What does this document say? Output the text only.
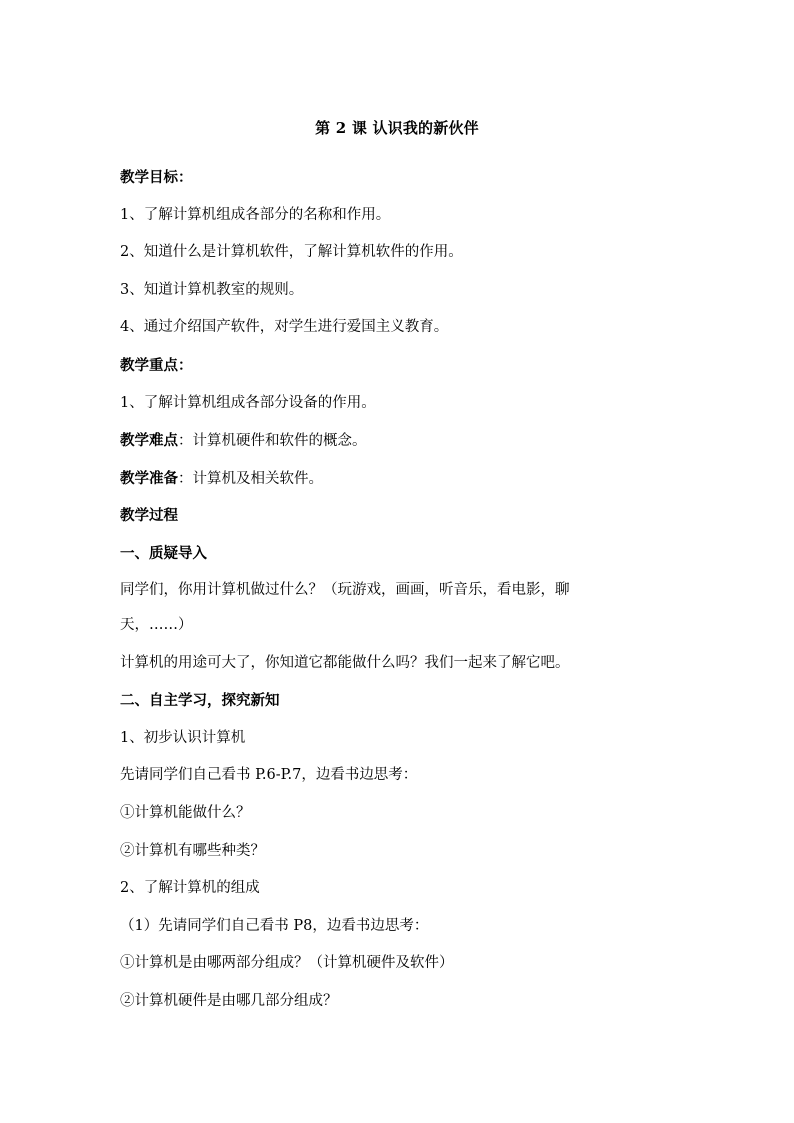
第 2 课 认识我的新伙伴
教学目标：
1、了解计算机组成各部分的名称和作用。
2、知道什么是计算机软件，了解计算机软件的作用。
3、知道计算机教室的规则。
4、通过介绍国产软件，对学生进行爱国主义教育。
教学重点：
1、了解计算机组成各部分设备的作用。
教学难点：计算机硬件和软件的概念。
教学准备：计算机及相关软件。
教学过程
一、质疑导入
同学们，你用计算机做过什么？（玩游戏，画画，听音乐，看电影，聊天，……）
计算机的用途可大了，你知道它都能做什么吗？我们一起来了解它吧。
二、自主学习，探究新知
1、初步认识计算机
先请同学们自己看书 P.6-P.7，边看书边思考：
①计算机能做什么？
②计算机有哪些种类？
2、了解计算机的组成
（1）先请同学们自己看书 P8，边看书边思考：
①计算机是由哪两部分组成？（计算机硬件及软件）
②计算机硬件是由哪几部分组成？
